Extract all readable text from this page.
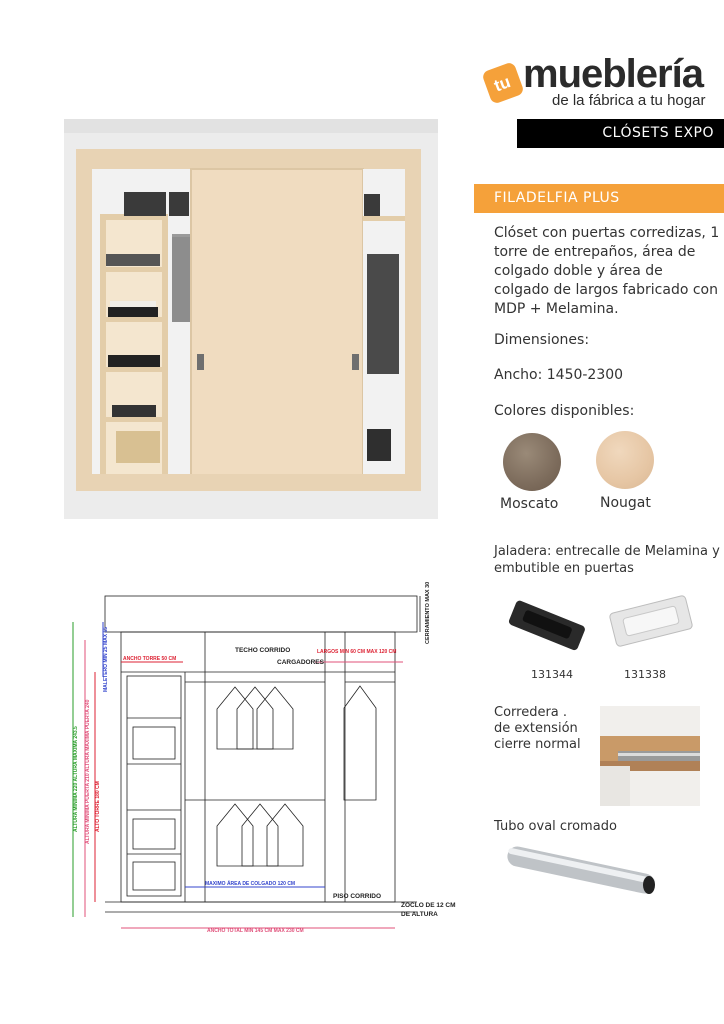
tu mueblería
de la fábrica a tu hogar
CLÓSETS EXPO
FILADELFIA PLUS
Clóset con puertas corredizas, 1 torre de entrepaños, área de colgado doble y área de colgado de largos fabricado con MDP + Melamina.
Dimensiones:
Ancho: 1450-2300
Colores disponibles:
Moscato	Nougat
Jaladera: entrecalle de Melamina y embutible en puertas
131344	131338
Corredera .
de extensión
cierre normal
Tubo oval cromado
TECHO CORRIDO
CARGADORES
PISO CORRIDO
ZOCLO DE 12 CM
DE ALTURA
CERRAMIENTO MAX 30
ANCHO TORRE 50 CM
LARGOS MIN 60 CM MAX 120 CM
ALTO TORRE 180 CM
ANCHO TOTAL MIN 145 CM MAX 230 CM
ALTURA MINIMA PUERTA 210 ALTURA MAXIMA PUERTA 240
ALTURA MINIMA 220 ALTURA MAXIMA 243.5
MAXIMO ÁREA DE COLGADO 120 CM
MALETERO MIN 25 MAX 55
